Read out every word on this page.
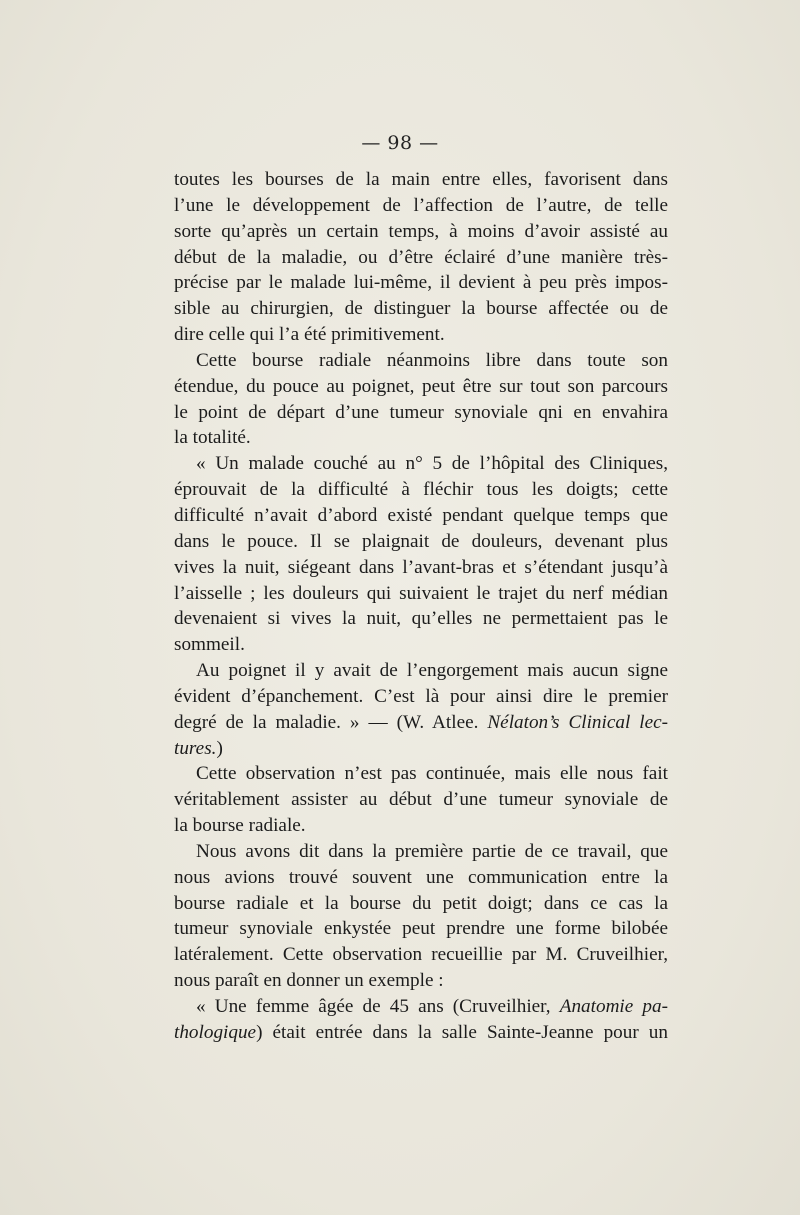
— 98 —
toutes les bourses de la main entre elles, favorisent dans
l’une le développement de l’affection de l’autre, de telle
sorte qu’après un certain temps, à moins d’avoir assisté au
début de la maladie, ou d’être éclairé d’une manière très-
précise par le malade lui-même, il devient à peu près impos-
sible au chirurgien, de distinguer la bourse affectée ou de
dire celle qui l’a été primitivement.
Cette bourse radiale néanmoins libre dans toute son
étendue, du pouce au poignet, peut être sur tout son parcours
le point de départ d’une tumeur synoviale qni en envahira
la totalité.
« Un malade couché au n° 5 de l’hôpital des Cliniques,
éprouvait de la difficulté à fléchir tous les doigts; cette
difficulté n’avait d’abord existé pendant quelque temps que
dans le pouce. Il se plaignait de douleurs, devenant plus
vives la nuit, siégeant dans l’avant-bras et s’étendant jusqu’à
l’aisselle ; les douleurs qui suivaient le trajet du nerf médian
devenaient si vives la nuit, qu’elles ne permettaient pas le
sommeil.
Au poignet il y avait de l’engorgement mais aucun signe
évident d’épanchement. C’est là pour ainsi dire le premier
degré de la maladie. » — (W. Atlee. Nélaton’s Clinical lec-
tures.)
Cette observation n’est pas continuée, mais elle nous fait
véritablement assister au début d’une tumeur synoviale de
la bourse radiale.
Nous avons dit dans la première partie de ce travail, que
nous avions trouvé souvent une communication entre la
bourse radiale et la bourse du petit doigt; dans ce cas la
tumeur synoviale enkystée peut prendre une forme bilobée
latéralement. Cette observation recueillie par M. Cruveilhier,
nous paraît en donner un exemple :
« Une femme âgée de 45 ans (Cruveilhier, Anatomie pa-
thologique) était entrée dans la salle Sainte-Jeanne pour un
